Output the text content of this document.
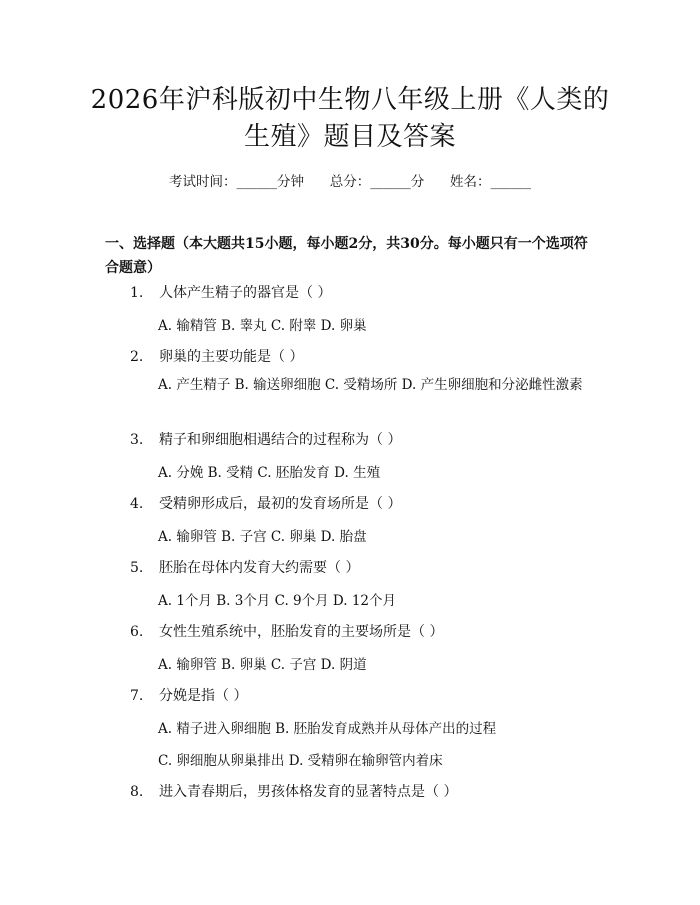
2026年沪科版初中生物八年级上册《人类的
生殖》题目及答案
考试时间：______分钟      总分：______分      姓名：______
一、选择题（本大题共15小题，每小题2分，共30分。每小题只有一个选项符合题意）
1. 人体产生精子的器官是（ ）
A. 输精管 B. 睾丸 C. 附睾 D. 卵巢
2. 卵巢的主要功能是（ ）
A. 产生精子 B. 输送卵细胞 C. 受精场所 D. 产生卵细胞和分泌雌性激素
3. 精子和卵细胞相遇结合的过程称为（ ）
A. 分娩 B. 受精 C. 胚胎发育 D. 生殖
4. 受精卵形成后，最初的发育场所是（ ）
A. 输卵管 B. 子宫 C. 卵巢 D. 胎盘
5. 胚胎在母体内发育大约需要（ ）
A. 1个月 B. 3个月 C. 9个月 D. 12个月
6. 女性生殖系统中，胚胎发育的主要场所是（ ）
A. 输卵管 B. 卵巢 C. 子宫 D. 阴道
7. 分娩是指（ ）
A. 精子进入卵细胞 B. 胚胎发育成熟并从母体产出的过程
C. 卵细胞从卵巢排出 D. 受精卵在输卵管内着床
8. 进入青春期后，男孩体格发育的显著特点是（ ）
